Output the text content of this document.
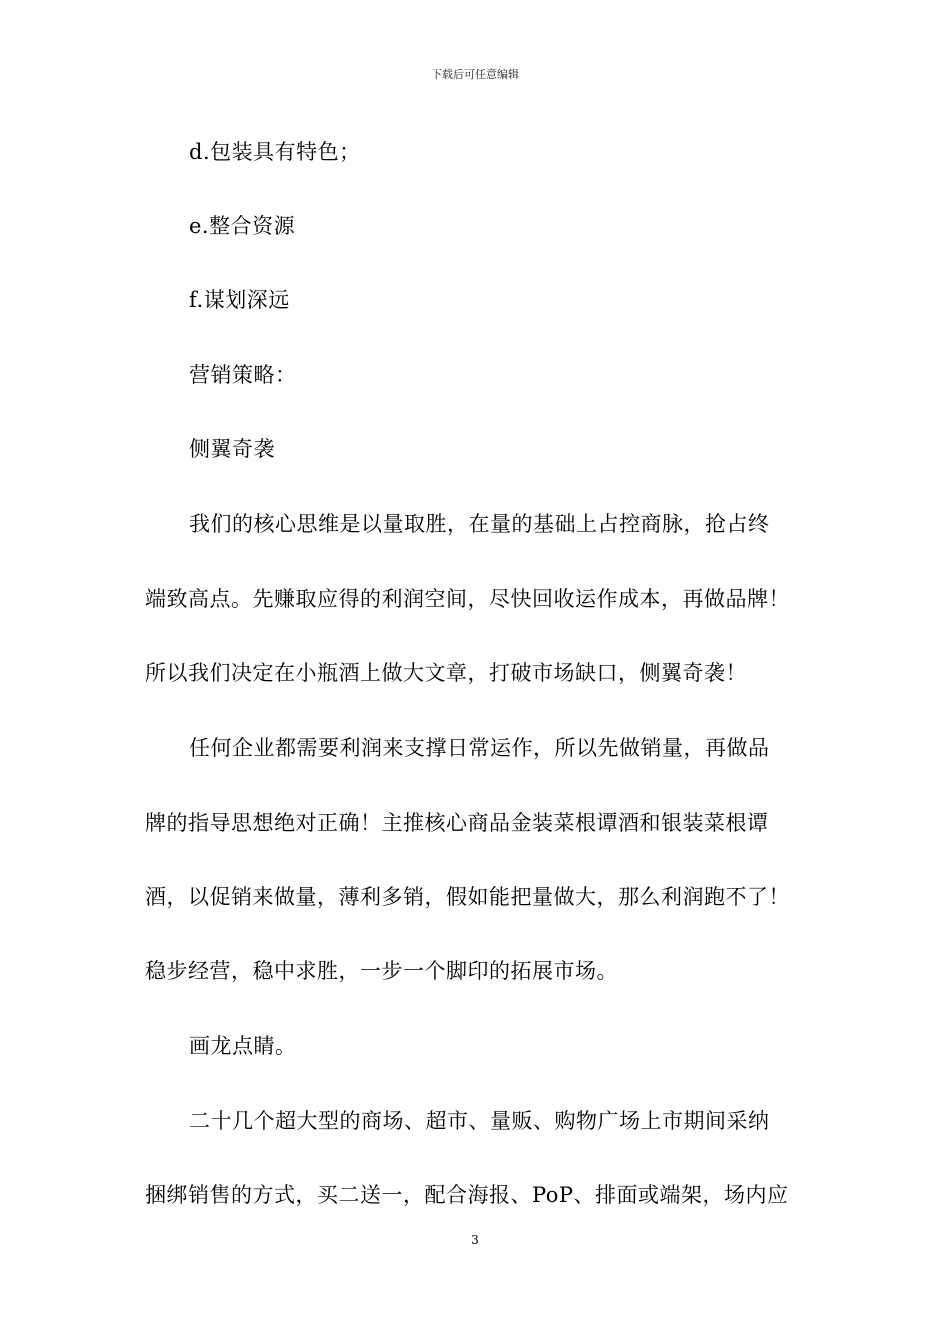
下载后可任意编辑
d.包装具有特色；
e.整合资源
f.谋划深远
营销策略：
侧翼奇袭
我们的核心思维是以量取胜，在量的基础上占控商脉，抢占终
端致高点。先赚取应得的利润空间，尽快回收运作成本，再做品牌！
所以我们决定在小瓶酒上做大文章，打破市场缺口，侧翼奇袭！
任何企业都需要利润来支撑日常运作，所以先做销量，再做品
牌的指导思想绝对正确！主推核心商品金装菜根谭酒和银装菜根谭
酒，以促销来做量，薄利多销，假如能把量做大，那么利润跑不了！
稳步经营，稳中求胜，一步一个脚印的拓展市场。
画龙点睛。
二十几个超大型的商场、超市、量贩、购物广场上市期间采纳
捆绑销售的方式，买二送一，配合海报、PoP、排面或端架，场内应
3
